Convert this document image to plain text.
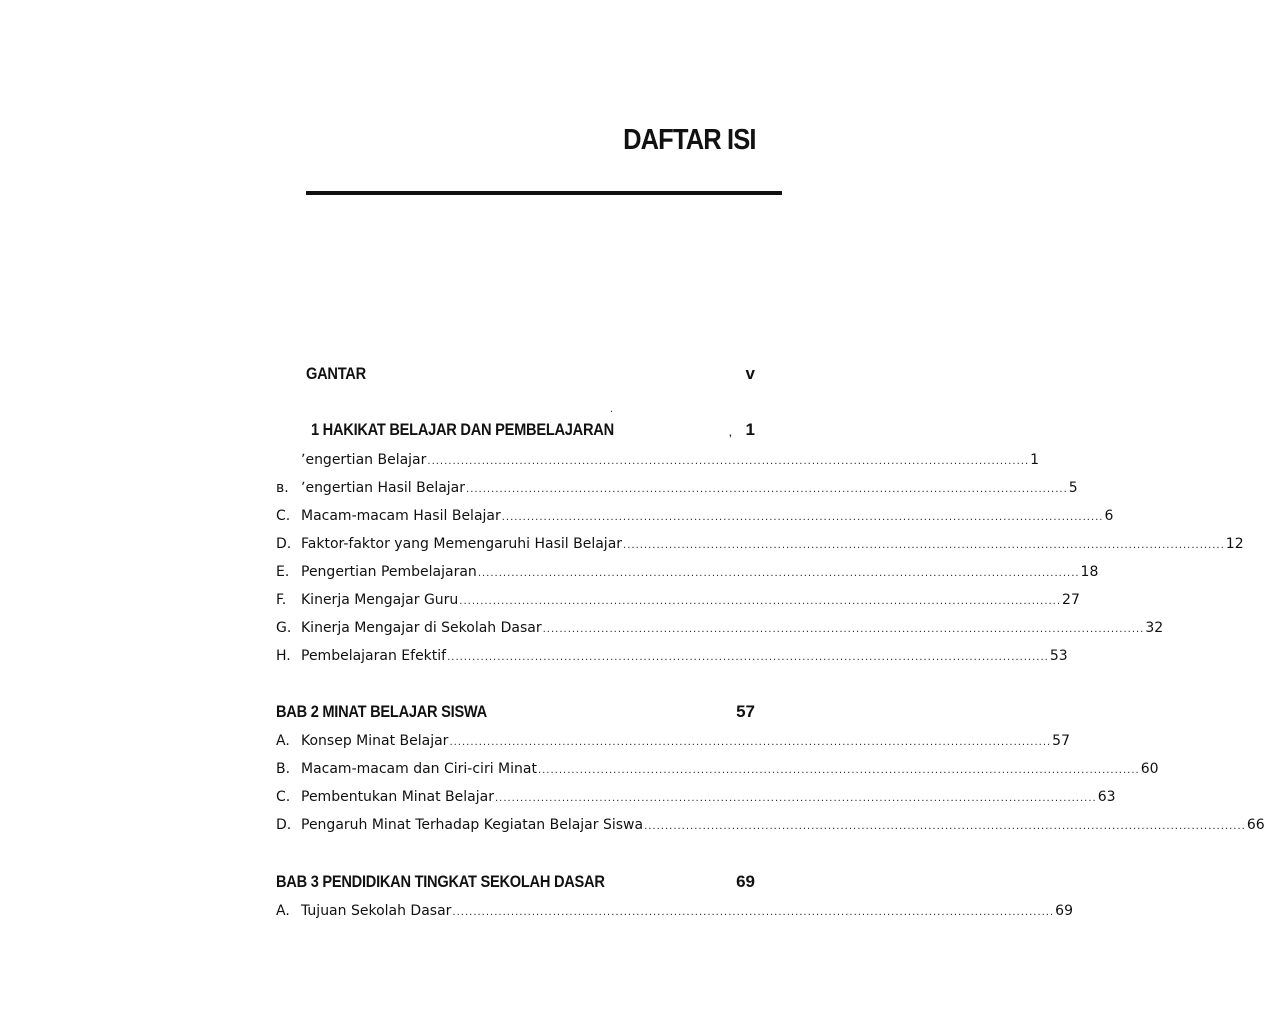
DAFTAR ISI
GANTAR	v
1 HAKIKAT BELAJAR DAN PEMBELAJARAN	, 1
.
ʼengertian Belajar ................................................................................................................................................ 1
в. ʼengertian Hasil Belajar ................................................................................................................................................ 5
C. Macam-macam Hasil Belajar ................................................................................................................................................ 6
D. Faktor-faktor yang Memengaruhi Hasil Belajar ................................................................................................................................................ 12
E. Pengertian Pembelajaran ................................................................................................................................................ 18
F. Kinerja Mengajar Guru ................................................................................................................................................ 27
G. Kinerja Mengajar di Sekolah Dasar ................................................................................................................................................ 32
H. Pembelajaran Efektif ................................................................................................................................................ 53
BAB 2 MINAT BELAJAR SISWA	57
A. Konsep Minat Belajar ................................................................................................................................................ 57
B. Macam-macam dan Ciri-ciri Minat ................................................................................................................................................ 60
C. Pembentukan Minat Belajar ................................................................................................................................................ 63
D. Pengaruh Minat Terhadap Kegiatan Belajar Siswa ................................................................................................................................................ 66
BAB 3 PENDIDIKAN TINGKAT SEKOLAH DASAR	69
A. Tujuan Sekolah Dasar ................................................................................................................................................ 69
